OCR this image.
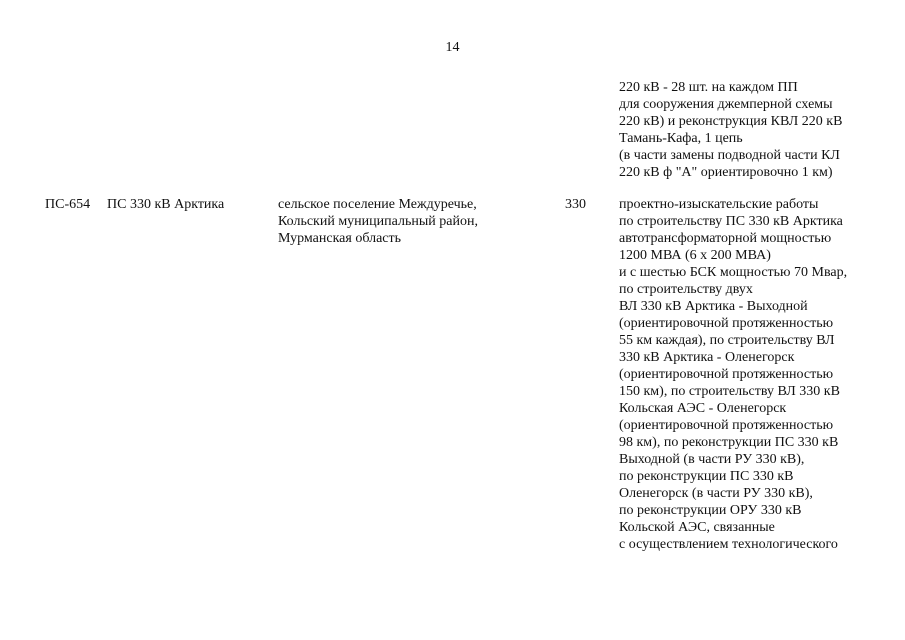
14
220 кВ - 28 шт. на каждом ПП
для сооружения джемперной схемы
220 кВ) и реконструкция КВЛ 220 кВ
Тамань-Кафа, 1 цепь
(в части замены подводной части КЛ
220 кВ ф "А" ориентировочно 1 км)
ПС-654 ПС 330 кВ Арктика	сельское поселение Междуречье,
Кольский муниципальный район,
Мурманская область
330 проектно-изыскательские работы
по строительству ПС 330 кВ Арктика
автотрансформаторной мощностью
1200 МВА (6 x 200 МВА)
и с шестью БСК мощностью 70 Мвар,
по строительству двух
ВЛ 330 кВ Арктика - Выходной
(ориентировочной протяженностью
55 км каждая), по строительству ВЛ
330 кВ Арктика - Оленегорск
(ориентировочной протяженностью
150 км), по строительству ВЛ 330 кВ
Кольская АЭС - Оленегорск
(ориентировочной протяженностью
98 км), по реконструкции ПС 330 кВ
Выходной (в части РУ 330 кВ),
по реконструкции ПС 330 кВ
Оленегорск (в части РУ 330 кВ),
по реконструкции ОРУ 330 кВ
Кольской АЭС, связанные
с осуществлением технологического
